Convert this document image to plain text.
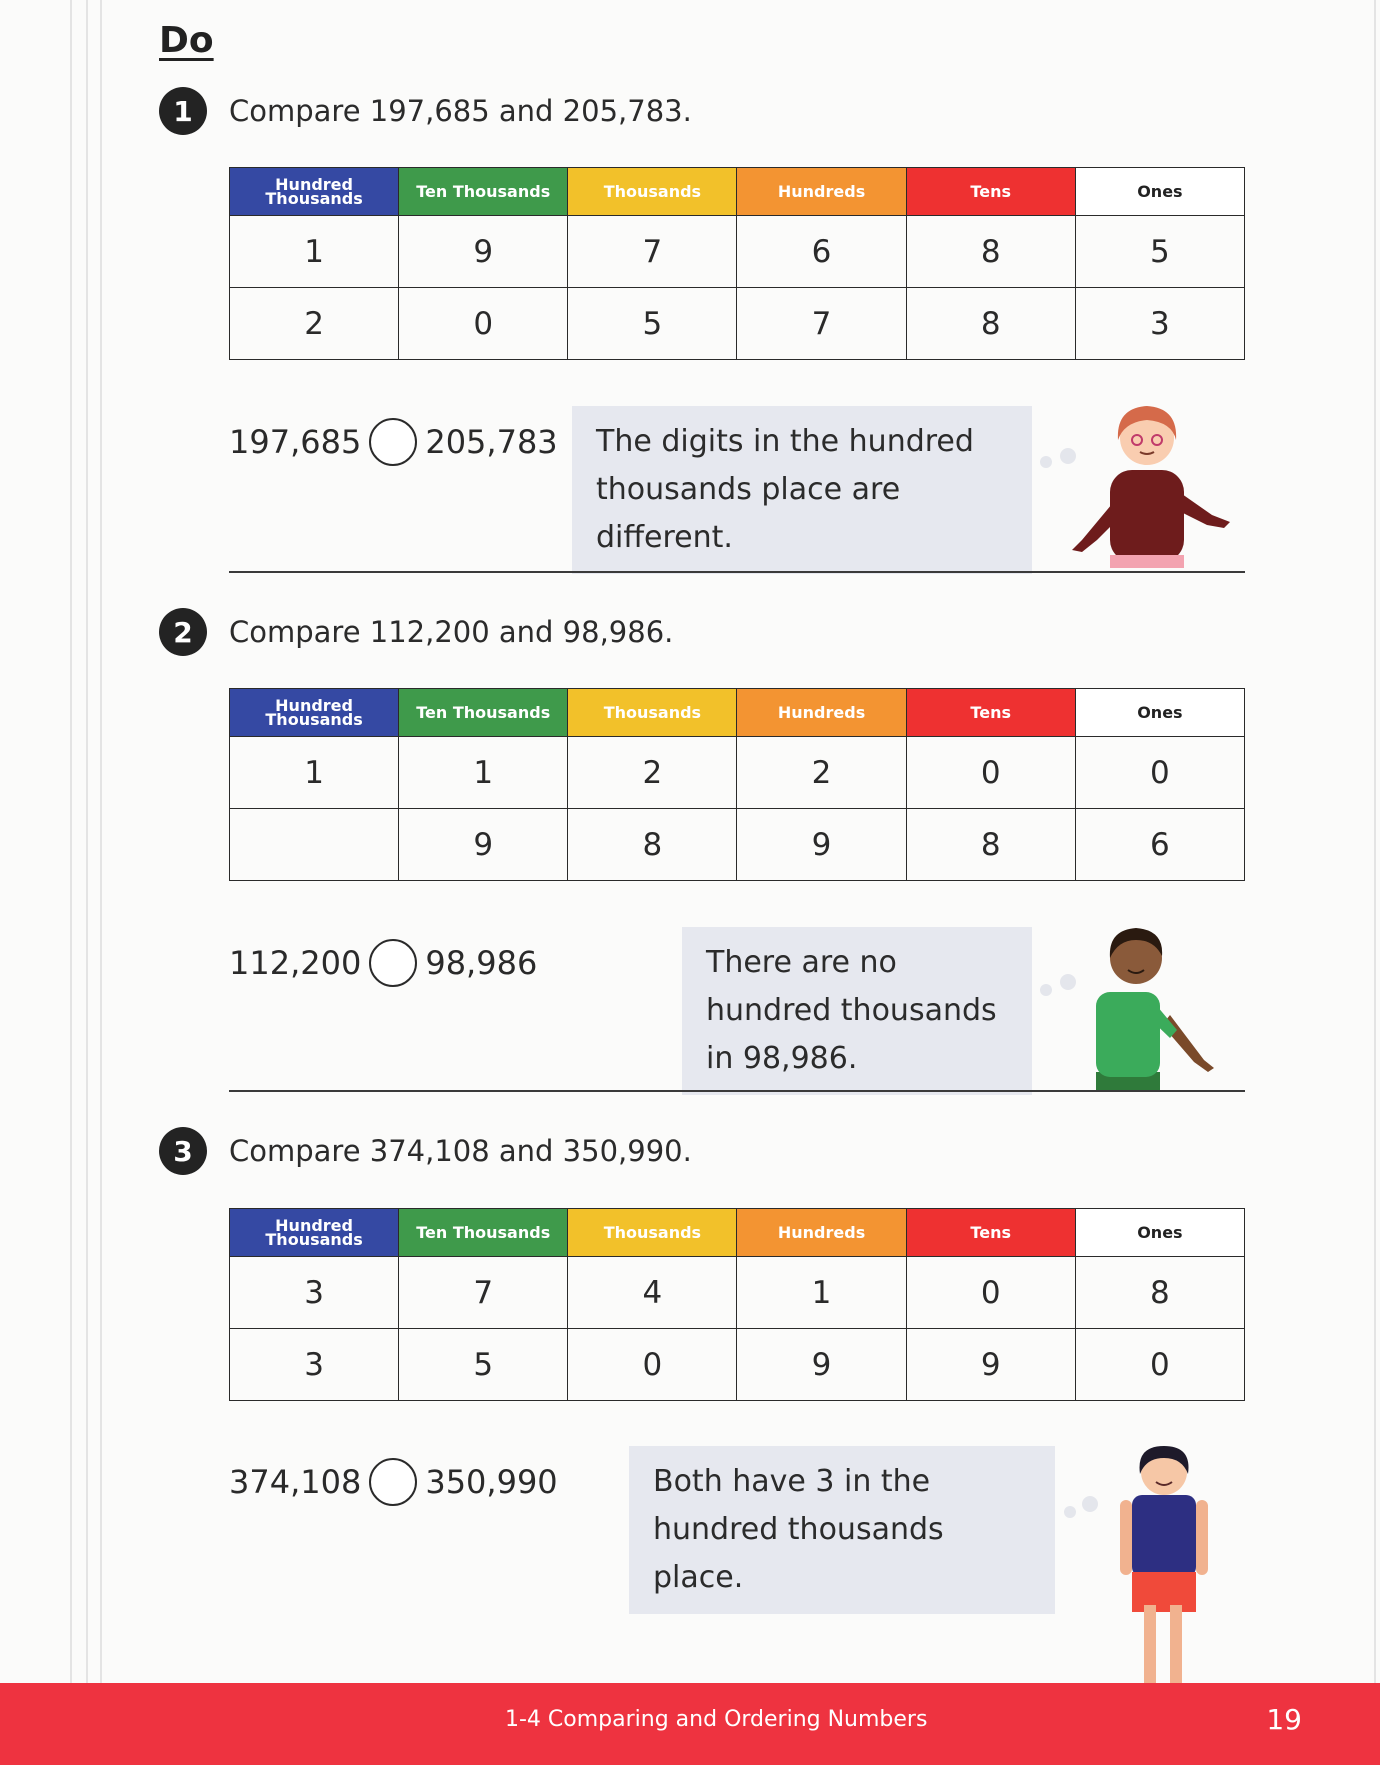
Do
1	Compare 197,685 and 205,783.
Hundred Thousands	Ten Thousands	Thousands	Hundreds	Tens	Ones
1	9	7	6	8	5
2	0	5	7	8	3
197,685 205,783	The digits in the hundred thousands place are different.
2	Compare 112,200 and 98,986.
Hundred Thousands	Ten Thousands	Thousands	Hundreds	Tens	Ones
1	1	2	2	0	0
	9	8	9	8	6
112,200 98,986	There are no hundred thousands in 98,986.
3	Compare 374,108 and 350,990.
Hundred Thousands	Ten Thousands	Thousands	Hundreds	Tens	Ones
3	7	4	1	0	8
3	5	0	9	9	0
374,108 350,990	Both have 3 in the hundred thousands place.
1-4 Comparing and Ordering Numbers	19
